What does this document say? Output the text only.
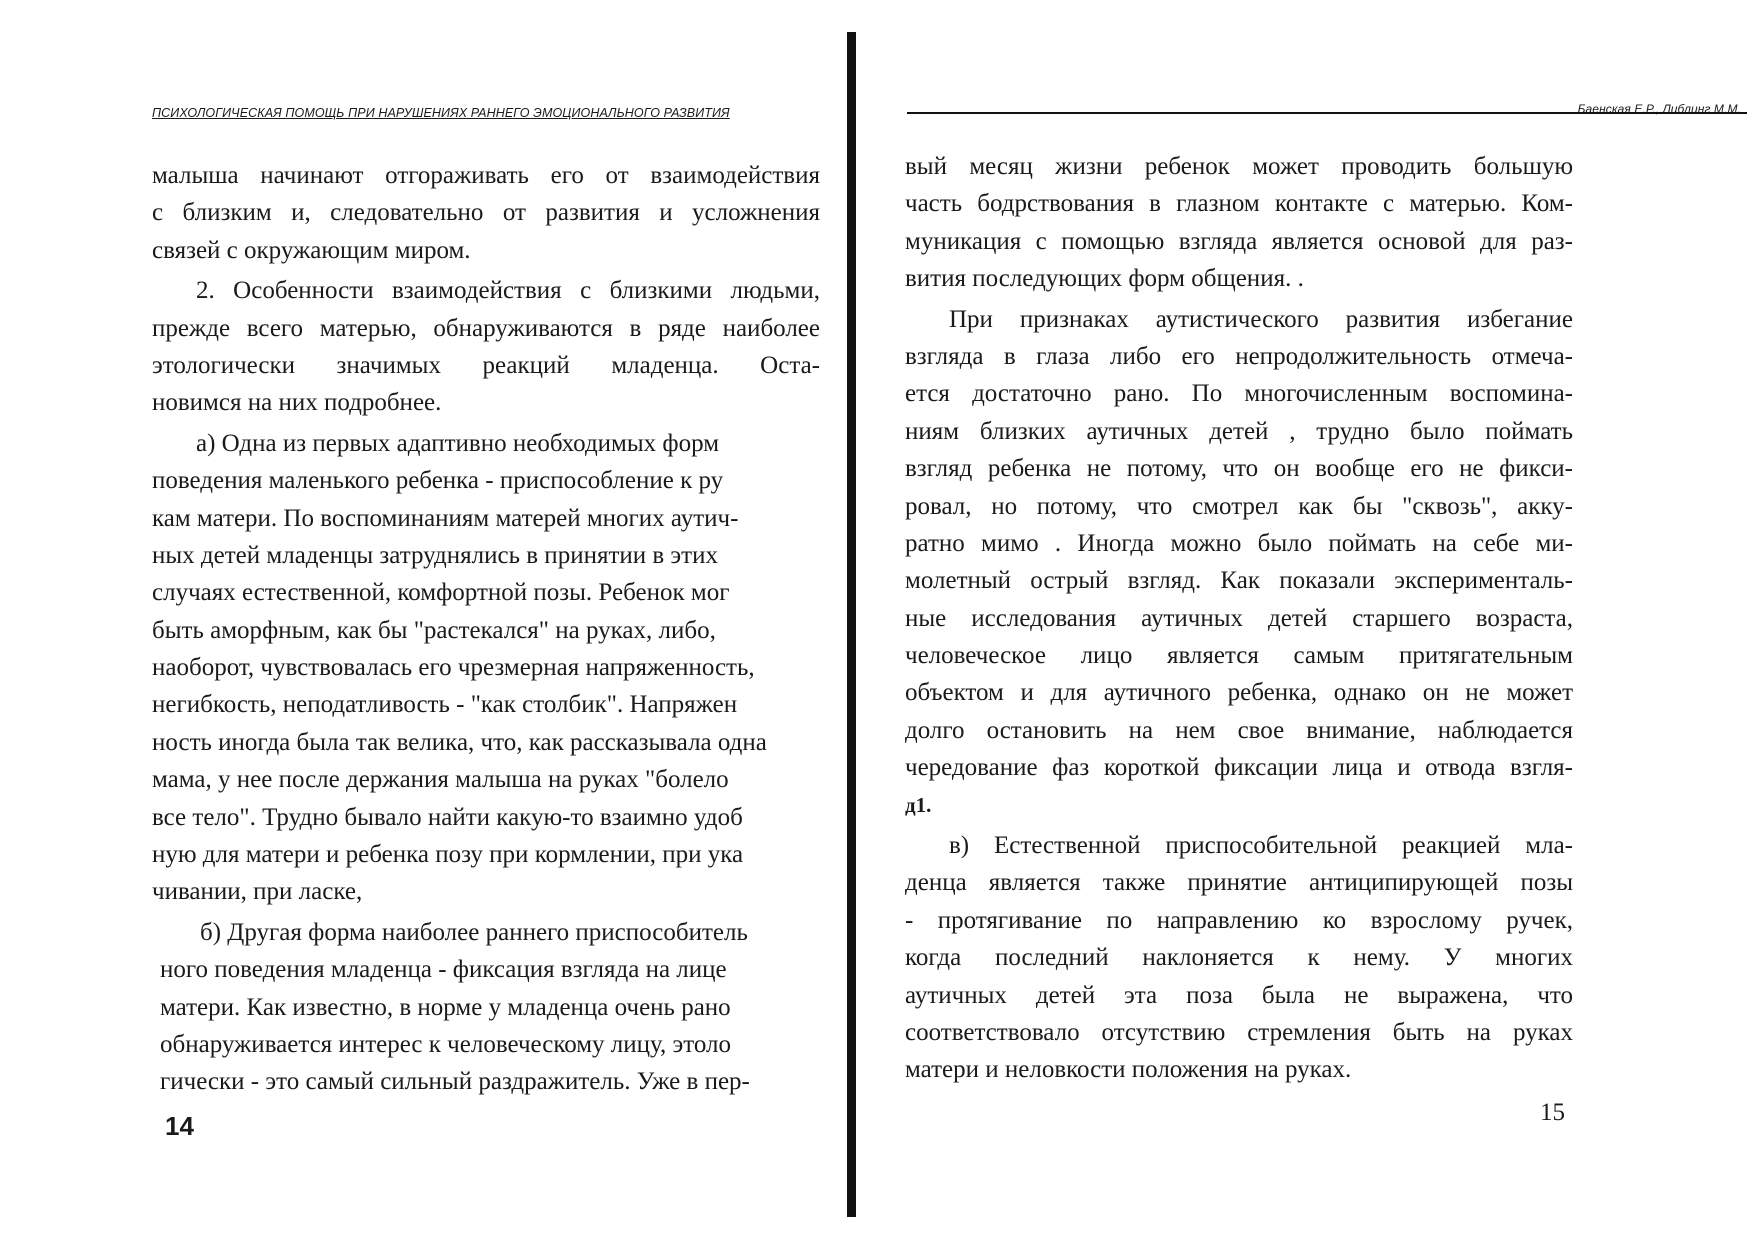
ПСИХОЛОГИЧЕСКАЯ ПОМОЩЬ ПРИ НАРУШЕНИЯХ РАННЕГО ЭМОЦИОНАЛЬНОГО РАЗВИТИЯ
малыша начинают отгораживать его от взаимодействия
с близким и, следовательно от развития и усложнения
связей с окружающим миром.
2. Особенности взаимодействия с близкими людьми,
прежде всего матерью, обнаруживаются в ряде наиболее
этологически значимых реакций младенца. Оста-
новимся на них подробнее.
а) Одна из первых адаптивно необходимых форм
поведения маленького ребенка - приспособление к ру
кам матери. По воспоминаниям матерей многих аутич-
ных детей младенцы затруднялись в принятии в этих
случаях естественной, комфортной позы. Ребенок мог
быть аморфным, как бы "растекался" на руках, либо,
наоборот, чувствовалась его чрезмерная напряженность,
негибкость, неподатливость - "как столбик". Напряжен
ность иногда была так велика, что, как рассказывала одна
мама, у нее после держания малыша на руках "болело
все тело". Трудно бывало найти какую-то взаимно удоб
ную для матери и ребенка позу при кормлении, при ука
чивании, при ласке,
б) Другая форма наиболее раннего приспособитель
ного поведения младенца - фиксация взгляда на лице
матери. Как известно, в норме у младенца очень рано
обнаруживается интерес к человеческому лицу, этоло
гически - это самый сильный раздражитель. Уже в пер-
14
Баенская Е.Р., Либлинг М.М.
вый месяц жизни ребенок может проводить большую
часть бодрствования в глазном контакте с матерью. Ком-
муникация с помощью взгляда является основой для раз-
вития последующих форм общения. .
При признаках аутистического развития избегание
взгляда в глаза либо его непродолжительность отмеча-
ется достаточно рано. По многочисленным воспомина-
ниям близких аутичных детей , трудно было поймать
взгляд ребенка не потому, что он вообще его не фикси-
ровал, но потому, что смотрел как бы "сквозь", акку-
ратно мимо . Иногда можно было поймать на себе ми-
молетный острый взгляд. Как показали эксперименталь-
ные исследования аутичных детей старшего возраста,
человеческое лицо является самым притягательным
объектом и для аутичного ребенка, однако он не может
долго остановить на нем свое внимание, наблюдается
чередование фаз короткой фиксации лица и отвода взгля-
д1.
в) Естественной приспособительной реакцией мла-
денца является также принятие антиципирующей позы
- протягивание по направлению ко взрослому ручек,
когда последний наклоняется к нему. У многих
аутичных детей эта поза была не выражена, что
соответствовало отсутствию стремления быть на руках
матери и неловкости положения на руках.
15
